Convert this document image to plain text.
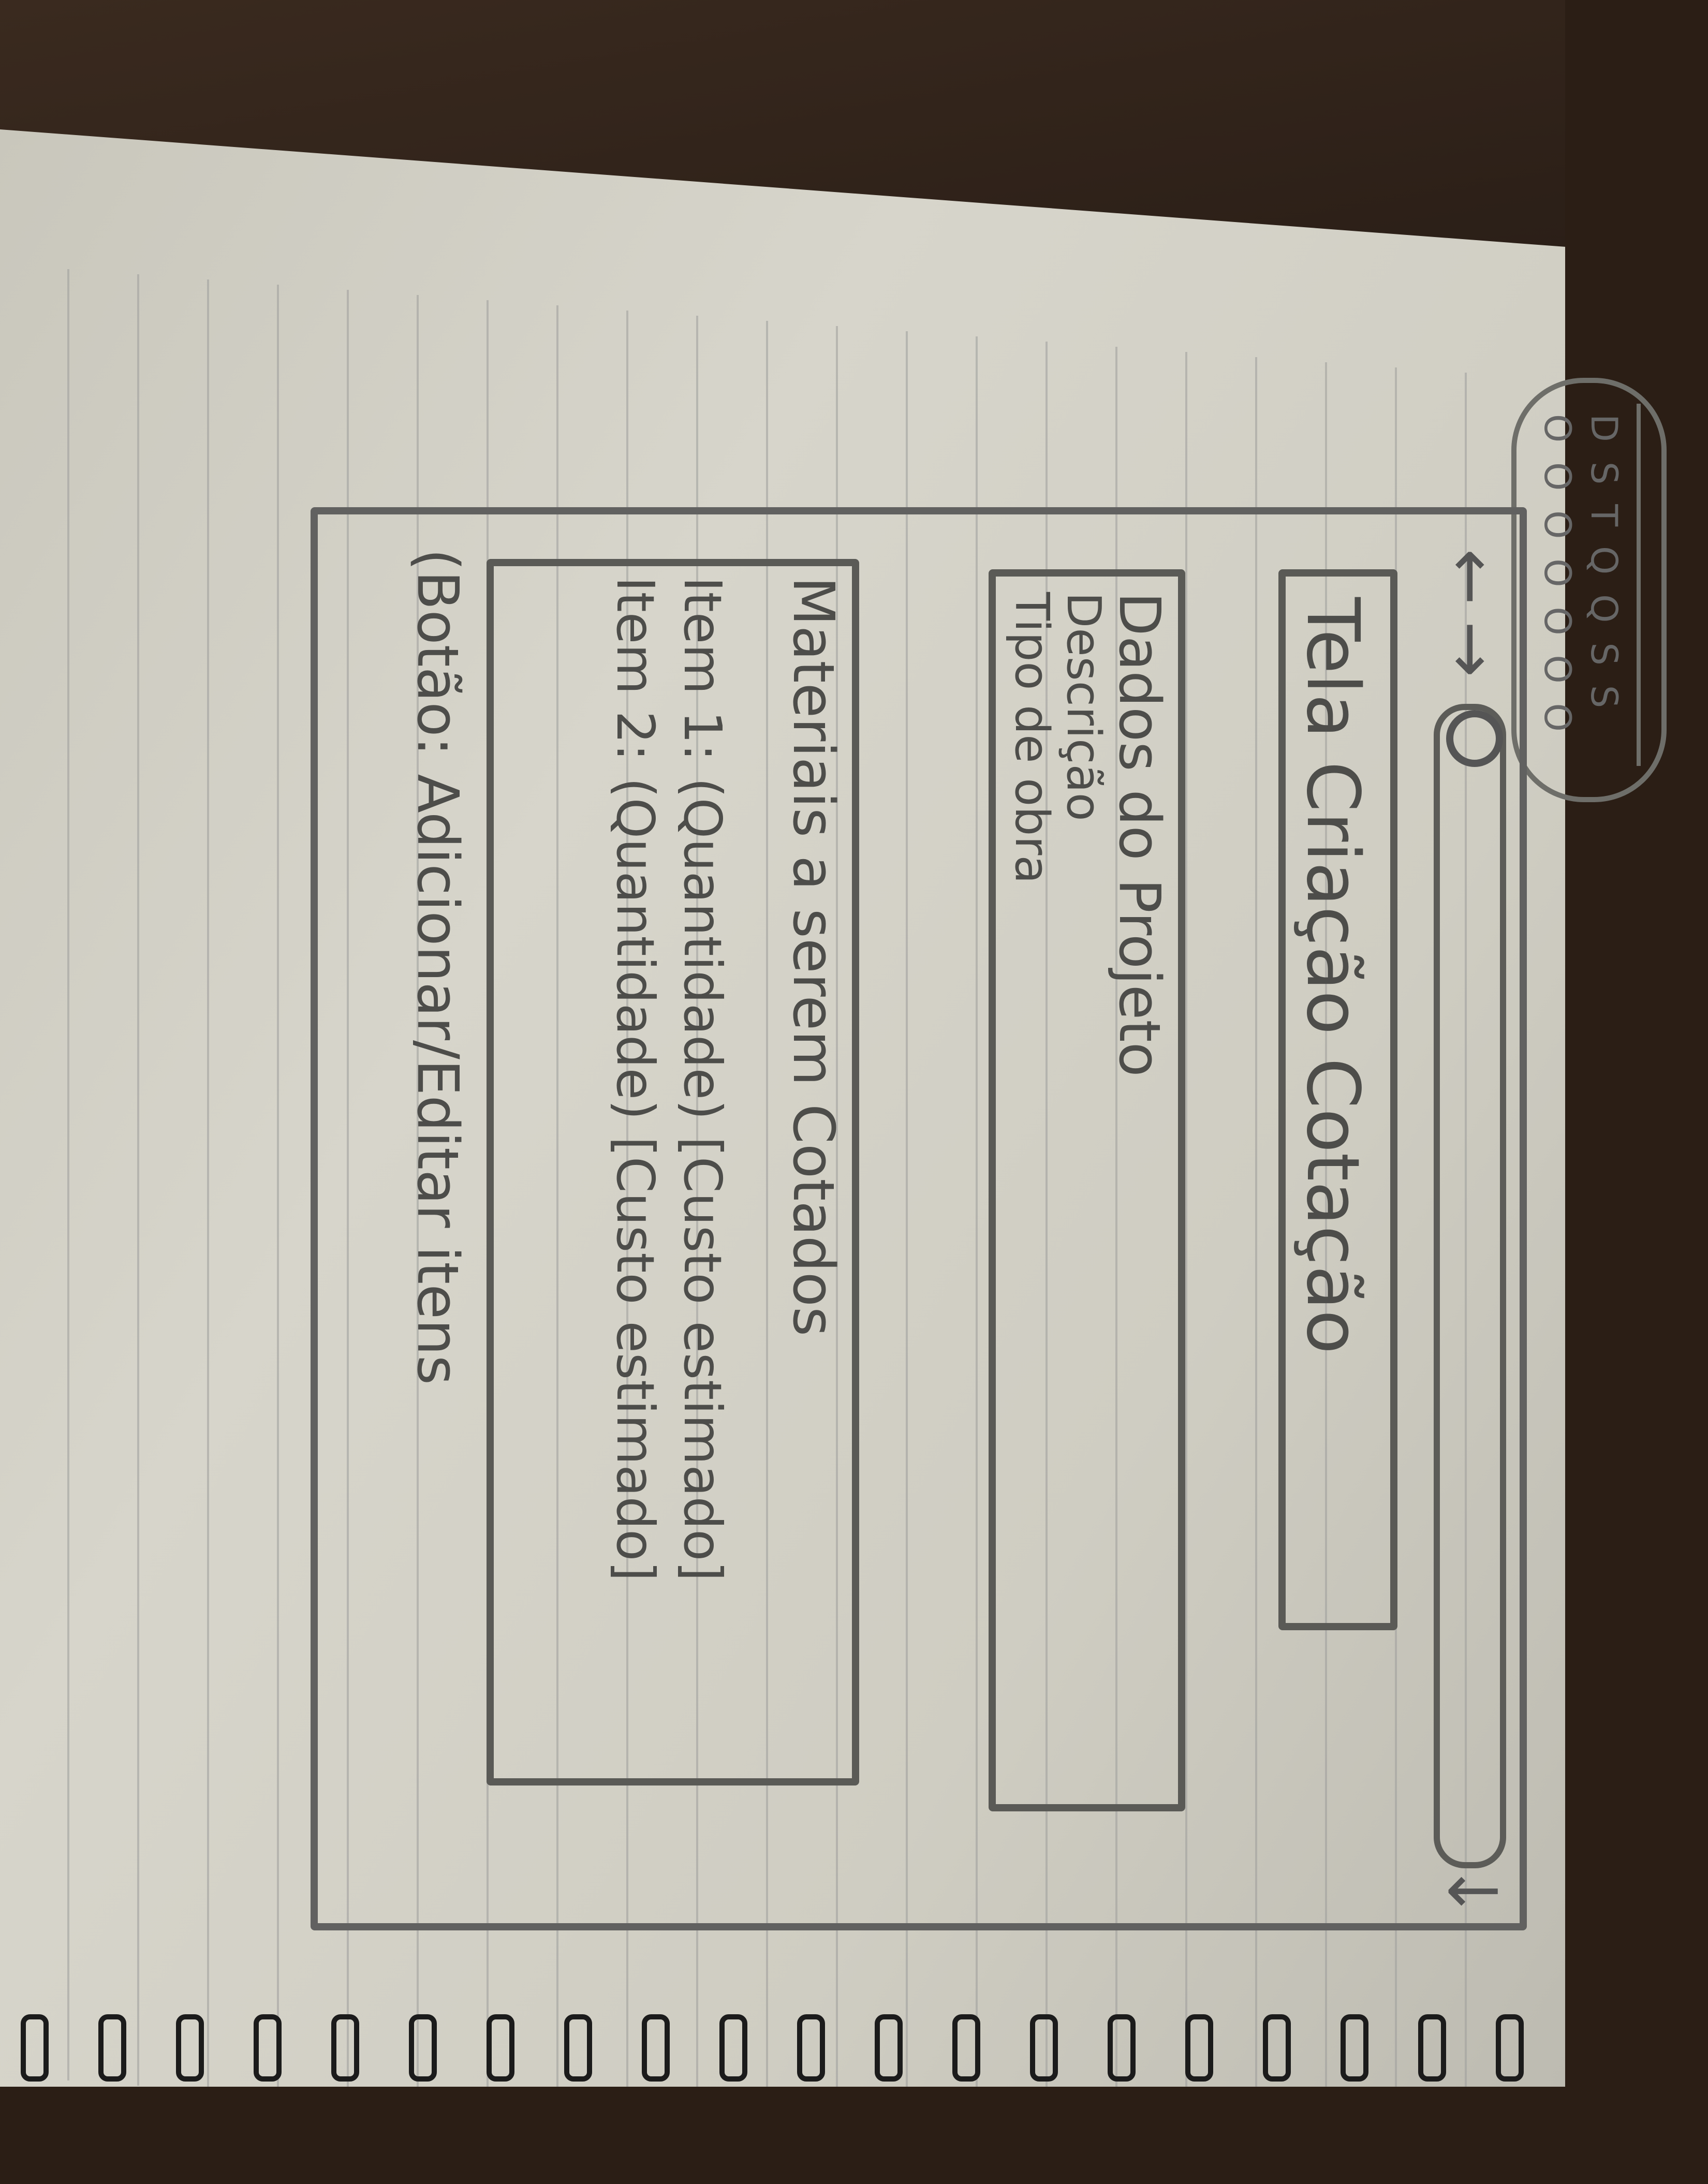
DSTQQSS
OOOOOOO
←
→
↓
Tela Criação Cotação
Dados do Projeto
Descrição
Tipo de obra
Materiais a serem Cotados
Item 1: (Quantidade) [Custo estimado]
Item 2: (Quantidade) [Custo estimado]
(Botão: Adicionar/Editar itens
